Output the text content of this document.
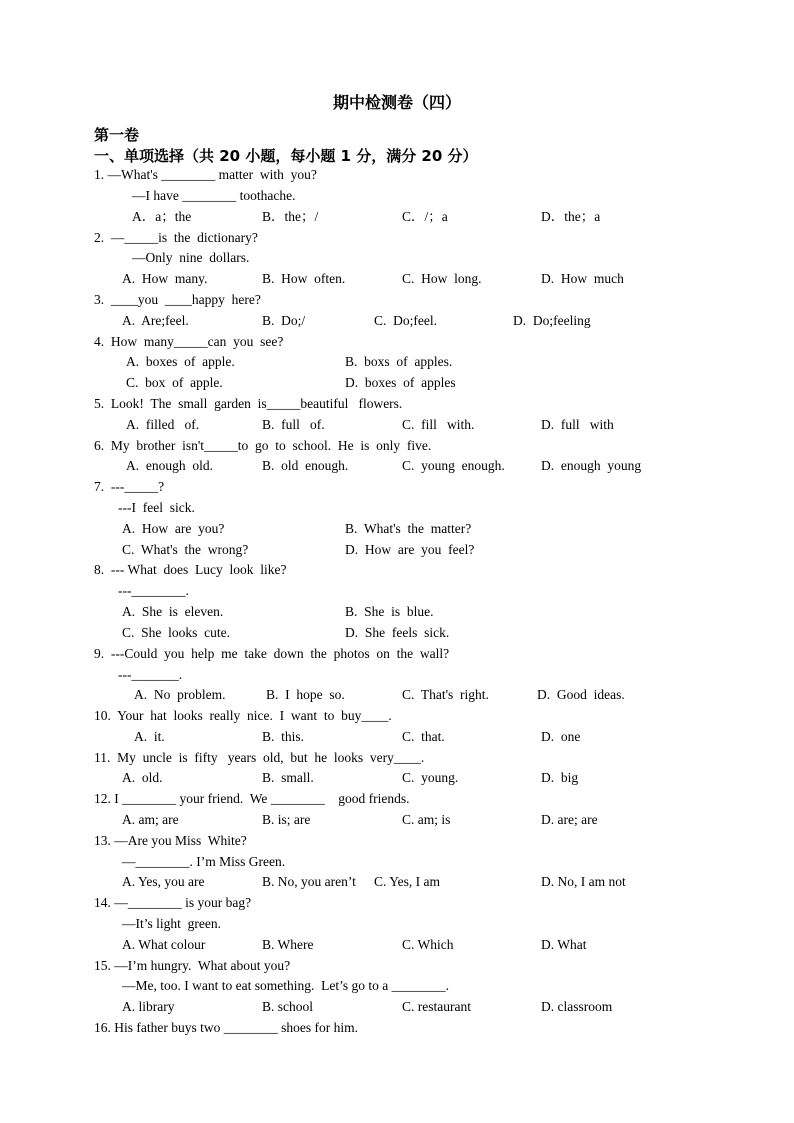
期中检测卷（四）
第一卷
一、单项选择（共 20 小题，每小题 1 分，满分 20 分）
1. —What's ________ matter  with  you?
—I have ________ toothache.
A．a；the	B．the；/	C．/；a	D．the；a
2.  —_____is  the  dictionary?
—Only  nine  dollars.
A.  How  many.	B.  How  often.	C.  How  long.	D.  How  much
3.  ____you  ____happy  here?
A.  Are;feel.	B.  Do;/	C.  Do;feel.	D.  Do;feeling
4.  How  many_____can  you  see?
A.  boxes  of  apple.	B.  boxs  of  apples.
C.  box  of  apple.	D.  boxes  of  apples
5.  Look!  The  small  garden  is_____beautiful   flowers.
A.  filled   of.	B.  full   of.	C.  fill   with.	D.  full   with
6.  My  brother  isn't_____to  go  to  school.  He  is  only  five.
A.  enough  old.	B.  old  enough.	C.  young  enough.	D.  enough  young
7.  ---_____?
---I  feel  sick.
A.  How  are  you?	B.  What's  the  matter?
C.  What's  the  wrong?	D.  How  are  you  feel?
8.  --- What  does  Lucy  look  like?
---________.
A.  She  is  eleven.	B.  She  is  blue.
C.  She  looks  cute.	D.  She  feels  sick.
9.  ---Could  you  help  me  take  down  the  photos  on  the  wall?
---_______.
A.  No  problem.	B.  I  hope  so.	C.  That's  right.	D.  Good  ideas.
10.  Your  hat  looks  really  nice.  I  want  to  buy____.
A.  it.	B.  this.	C.  that.	D.  one
11.  My  uncle  is  fifty   years  old,  but  he  looks  very____.
A.  old.	B.  small.	C.  young.	D.  big
12. I ________ your friend.  We ________    good friends.
A. am; are	B. is; are	C. am; is	D. are; are
13. —Are you Miss  White?
—________. I’m Miss Green.
A. Yes, you are	B. No, you aren’t C. Yes, I am	D. No, I am not
14. —________ is your bag?
—It’s light  green.
A. What colour	B. Where	C. Which	D. What
15. —I’m hungry.  What about you?
—Me, too. I want to eat something.  Let’s go to a ________.
A. library	B. school	C. restaurant	D. classroom
16. His father buys two ________ shoes for him.
